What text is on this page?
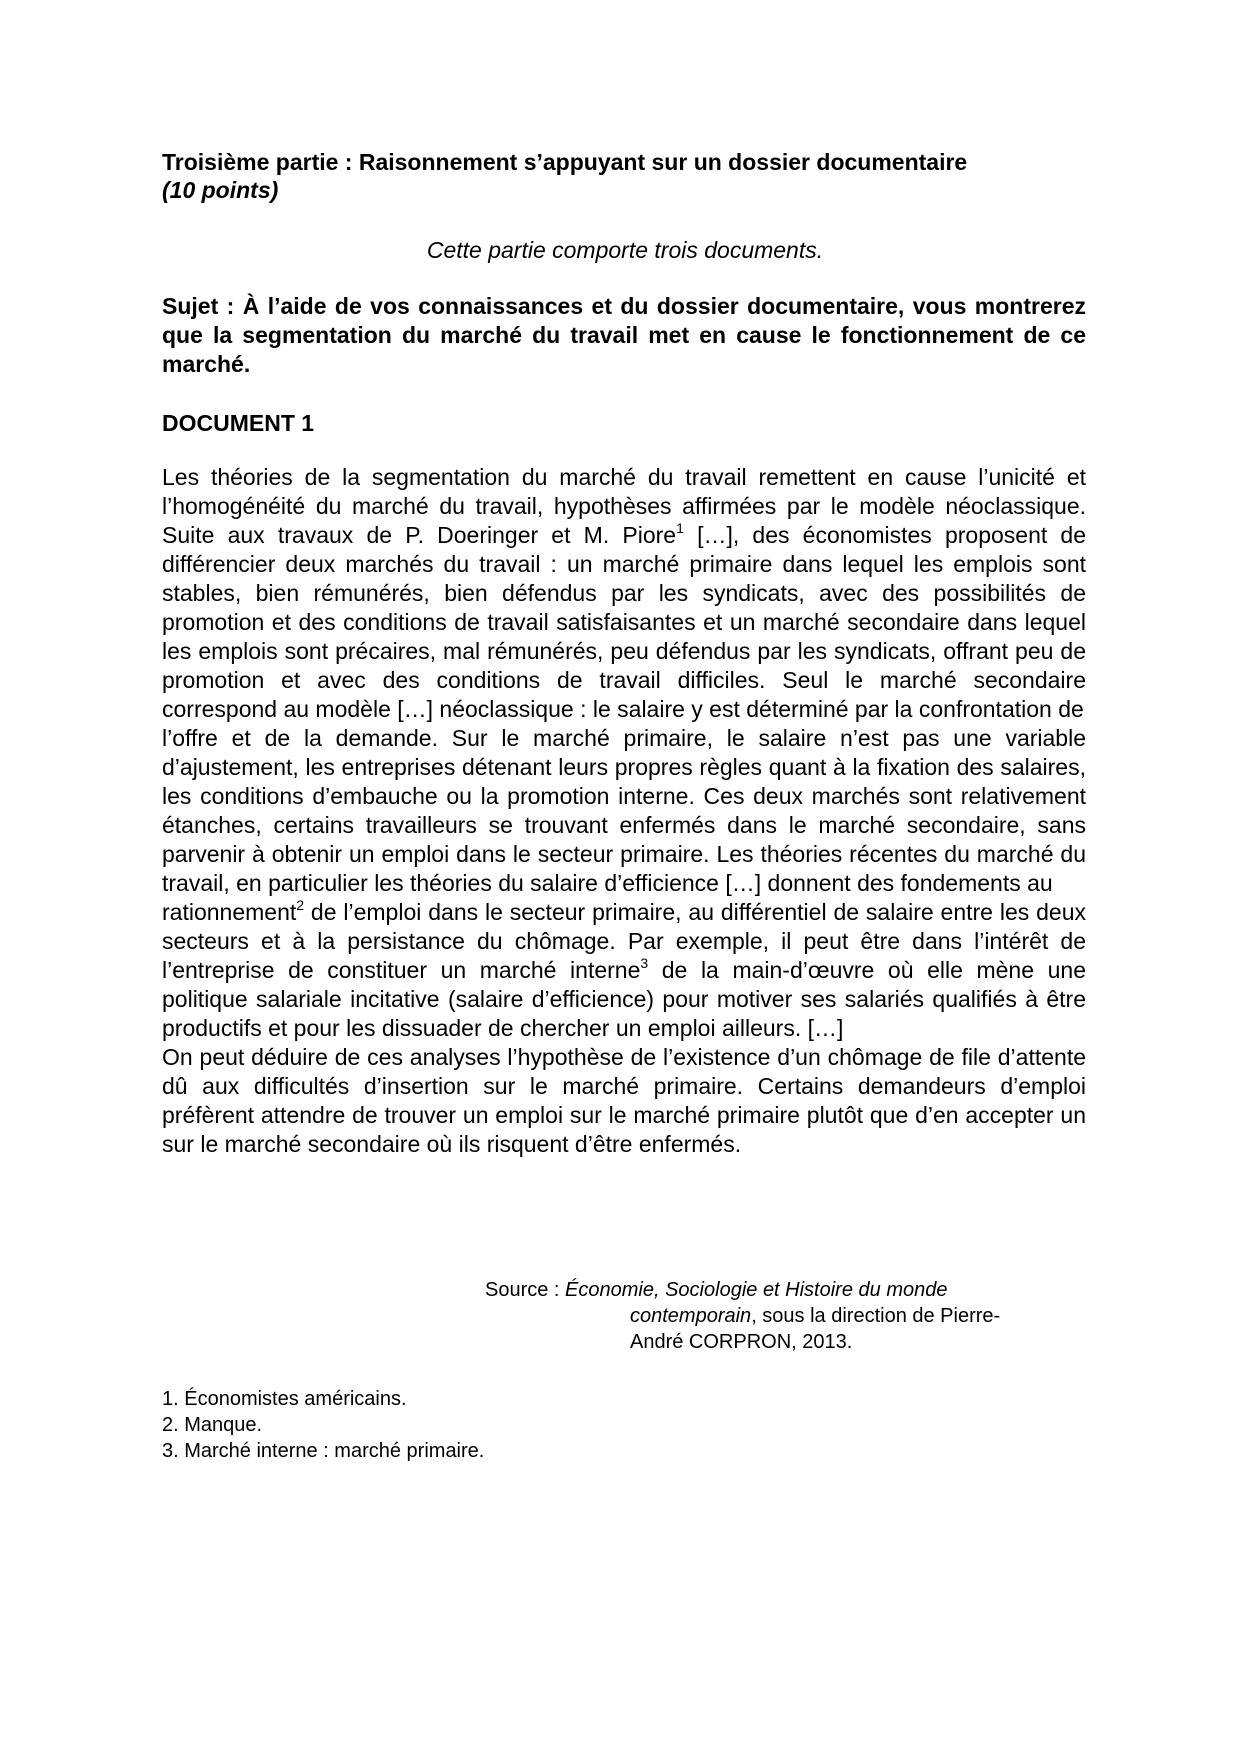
Troisième partie : Raisonnement s’appuyant sur un dossier documentaire
(10 points)
Cette partie comporte trois documents.
Sujet : À l’aide de vos connaissances et du dossier documentaire, vous montrerez que la segmentation du marché du travail met en cause le fonctionnement de ce marché.
DOCUMENT 1

Les théories de la segmentation du marché du travail remettent en cause l’unicité et l’homogénéité du marché du travail, hypothèses affirmées par le modèle néoclassique. Suite aux travaux de P. Doeringer et M. Piore$^1$ […], des économistes proposent de différencier deux marchés du travail : un marché primaire dans lequel les emplois sont stables, bien rémunérés, bien défendus par les syndicats, avec des possibilités de promotion et des conditions de travail satisfaisantes et un marché secondaire dans lequel les emplois sont précaires, mal rémunérés, peu défendus par les syndicats, offrant peu de promotion et avec des conditions de travail difficiles. Seul le marché secondaire correspond au modèle […] néoclassique : le salaire y est déterminé par la confrontation de

l’offre et de la demande. Sur le marché primaire, le salaire n’est pas une variable d’ajustement, les entreprises détenant leurs propres règles quant à la fixation des salaires, les conditions d’embauche ou la promotion interne. Ces deux marchés sont relativement étanches, certains travailleurs se trouvant enfermés dans le marché secondaire, sans parvenir à obtenir un emploi dans le secteur primaire. Les théories récentes du marché du travail, en particulier les théories du salaire d’efficience […] donnent des fondements au

rationnement$^2$ de l’emploi dans le secteur primaire, au différentiel de salaire entre les deux secteurs et à la persistance du chômage. Par exemple, il peut être dans l’intérêt de l’entreprise de constituer un marché interne$^3$ de la main-d’œuvre où elle mène une politique salariale incitative (salaire d’efficience) pour motiver ses salariés qualifiés à être productifs et pour les dissuader de chercher un emploi ailleurs. […]

On peut déduire de ces analyses l’hypothèse de l’existence d’un chômage de file d’attente dû aux difficultés d’insertion sur le marché primaire. Certains demandeurs d’emploi préfèrent attendre de trouver un emploi sur le marché primaire plutôt que d’en accepter un sur le marché secondaire où ils risquent d’être enfermés.

Source : Économie, Sociologie et Histoire du monde
contemporain, sous la direction de Pierre-
André CORPRON, 2013.
1. Économistes américains.
2. Manque.
3. Marché interne : marché primaire.
